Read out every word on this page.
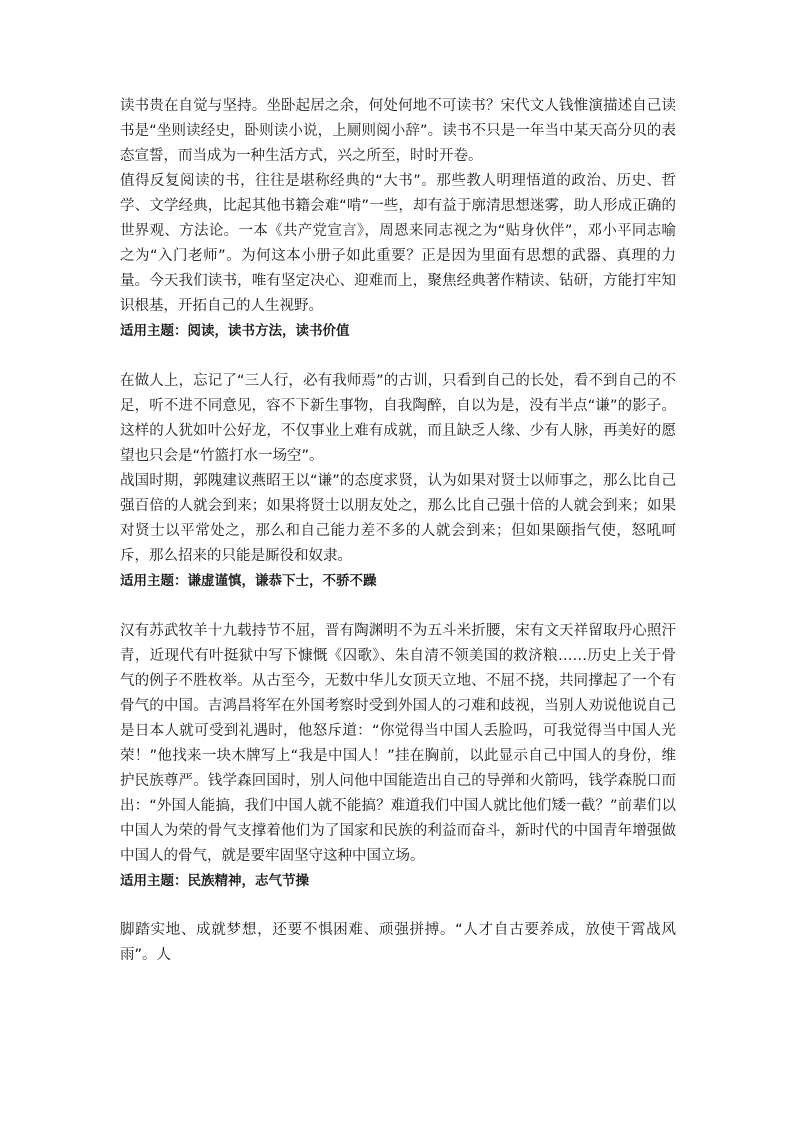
读书贵在自觉与坚持。坐卧起居之余，何处何地不可读书？宋代文人钱惟演描述自己读书是“坐则读经史，卧则读小说，上厕则阅小辞”。读书不只是一年当中某天高分贝的表态宣誓，而当成为一种生活方式，兴之所至，时时开卷。

值得反复阅读的书，往往是堪称经典的“大书”。那些教人明理悟道的政治、历史、哲学、文学经典，比起其他书籍会难“啃”一些，却有益于廓清思想迷雾，助人形成正确的世界观、方法论。一本《共产党宣言》，周恩来同志视之为“贴身伙伴”，邓小平同志喻之为“入门老师”。为何这本小册子如此重要？正是因为里面有思想的武器、真理的力量。今天我们读书，唯有坚定决心、迎难而上，聚焦经典著作精读、钻研，方能打牢知识根基，开拓自己的人生视野。

适用主题：阅读，读书方法，读书价值

在做人上，忘记了“三人行，必有我师焉”的古训，只看到自己的长处，看不到自己的不足，听不进不同意见，容不下新生事物，自我陶醉，自以为是，没有半点“谦”的影子。这样的人犹如叶公好龙，不仅事业上难有成就，而且缺乏人缘、少有人脉，再美好的愿望也只会是“竹篮打水一场空”。

战国时期，郭隗建议燕昭王以“谦”的态度求贤，认为如果对贤士以师事之，那么比自己强百倍的人就会到来；如果将贤士以朋友处之，那么比自己强十倍的人就会到来；如果对贤士以平常处之，那么和自己能力差不多的人就会到来；但如果颐指气使，怒吼呵斥，那么招来的只能是厮役和奴隶。

适用主题：谦虚谨慎，谦恭下士，不骄不躁

汉有苏武牧羊十九载持节不屈，晋有陶渊明不为五斗米折腰，宋有文天祥留取丹心照汗青，近现代有叶挺狱中写下慷慨《囚歌》、朱自清不领美国的救济粮……历史上关于骨气的例子不胜枚举。从古至今，无数中华儿女顶天立地、不屈不挠，共同撑起了一个有骨气的中国。吉鸿昌将军在外国考察时受到外国人的刁难和歧视，当别人劝说他说自己是日本人就可受到礼遇时，他怒斥道：“你觉得当中国人丢脸吗，可我觉得当中国人光荣！”他找来一块木牌写上“我是中国人！”挂在胸前，以此显示自己中国人的身份，维护民族尊严。钱学森回国时，别人问他中国能造出自己的导弹和火箭吗，钱学森脱口而出：“外国人能搞，我们中国人就不能搞？难道我们中国人就比他们矮一截？”前辈们以中国人为荣的骨气支撑着他们为了国家和民族的利益而奋斗，新时代的中国青年增强做中国人的骨气，就是要牢固坚守这种中国立场。

适用主题：民族精神，志气节操

脚踏实地、成就梦想，还要不惧困难、顽强拼搏。“人才自古要养成，放使干霄战风雨”。人
